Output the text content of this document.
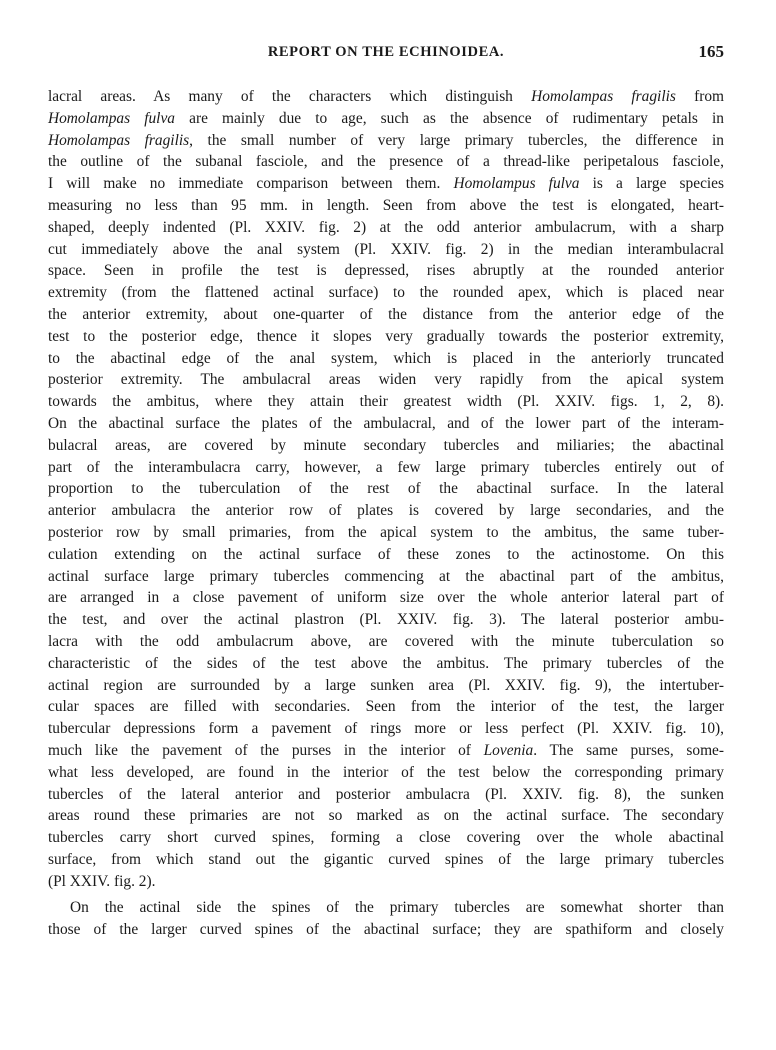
REPORT ON THE ECHINOIDEA.	165
lacral areas. As many of the characters which distinguish Homolampas fragilis from
Homolampas fulva are mainly due to age, such as the absence of rudimentary petals in
Homolampas fragilis, the small number of very large primary tubercles, the difference in
the outline of the subanal fasciole, and the presence of a thread-like peripetalous fasciole,
I will make no immediate comparison between them. Homolampus fulva is a large species
measuring no less than 95 mm. in length. Seen from above the test is elongated, heart-
shaped, deeply indented (Pl. XXIV. fig. 2) at the odd anterior ambulacrum, with a sharp
cut immediately above the anal system (Pl. XXIV. fig. 2) in the median interambulacral
space. Seen in profile the test is depressed, rises abruptly at the rounded anterior
extremity (from the flattened actinal surface) to the rounded apex, which is placed near
the anterior extremity, about one-quarter of the distance from the anterior edge of the
test to the posterior edge, thence it slopes very gradually towards the posterior extremity,
to the abactinal edge of the anal system, which is placed in the anteriorly truncated
posterior extremity. The ambulacral areas widen very rapidly from the apical system
towards the ambitus, where they attain their greatest width (Pl. XXIV. figs. 1, 2, 8).
On the abactinal surface the plates of the ambulacral, and of the lower part of the interam-
bulacral areas, are covered by minute secondary tubercles and miliaries; the abactinal
part of the interambulacra carry, however, a few large primary tubercles entirely out of
proportion to the tuberculation of the rest of the abactinal surface. In the lateral
anterior ambulacra the anterior row of plates is covered by large secondaries, and the
posterior row by small primaries, from the apical system to the ambitus, the same tuber-
culation extending on the actinal surface of these zones to the actinostome. On this
actinal surface large primary tubercles commencing at the abactinal part of the ambitus,
are arranged in a close pavement of uniform size over the whole anterior lateral part of
the test, and over the actinal plastron (Pl. XXIV. fig. 3). The lateral posterior ambu-
lacra with the odd ambulacrum above, are covered with the minute tuberculation so
characteristic of the sides of the test above the ambitus. The primary tubercles of the
actinal region are surrounded by a large sunken area (Pl. XXIV. fig. 9), the intertuber-
cular spaces are filled with secondaries. Seen from the interior of the test, the larger
tubercular depressions form a pavement of rings more or less perfect (Pl. XXIV. fig. 10),
much like the pavement of the purses in the interior of Lovenia. The same purses, some-
what less developed, are found in the interior of the test below the corresponding primary
tubercles of the lateral anterior and posterior ambulacra (Pl. XXIV. fig. 8), the sunken
areas round these primaries are not so marked as on the actinal surface. The secondary
tubercles carry short curved spines, forming a close covering over the whole abactinal
surface, from which stand out the gigantic curved spines of the large primary tubercles
(Pl XXIV. fig. 2).
On the actinal side the spines of the primary tubercles are somewhat shorter than
those of the larger curved spines of the abactinal surface; they are spathiform and closely
